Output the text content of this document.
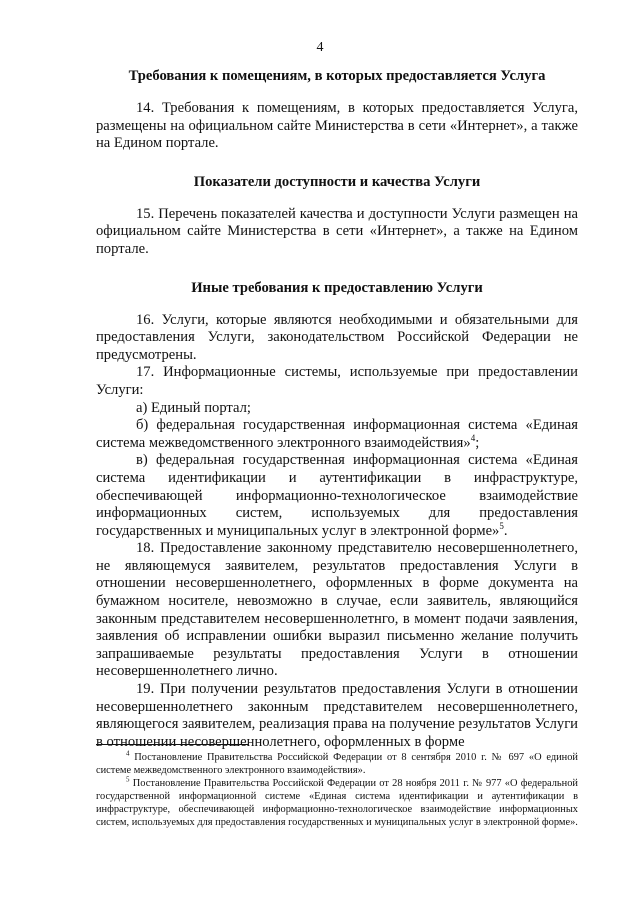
4
Требования к помещениям, в которых предоставляется Услуга

14. Требования к помещениям, в которых предоставляется Услуга, размещены на официальном сайте Министерства в сети «Интернет», а также на Едином портале.

Показатели доступности и качества Услуги

15. Перечень показателей качества и доступности Услуги размещен на официальном сайте Министерства в сети «Интернет», а также на Едином портале.

Иные требования к предоставлению Услуги

16. Услуги, которые являются необходимыми и обязательными для предоставления Услуги, законодательством Российской Федерации не предусмотрены.

17. Информационные системы, используемые при предоставлении Услуги:

а) Единый портал;

б) федеральная государственная информационная система «Единая система межведомственного электронного взаимодействия»$^4$;

в) федеральная государственная информационная система «Единая система идентификации и аутентификации в инфраструктуре, обеспечивающей информационно-технологическое взаимодействие информационных систем, используемых для предоставления государственных и муниципальных услуг в электронной форме»$^5$.

18. Предоставление законному представителю несовершеннолетнего, не являющемуся заявителем, результатов предоставления Услуги в отношении несовершеннолетнего, оформленных в форме документа на бумажном носителе, невозможно в случае, если заявитель, являющийся законным представителем несовершеннолетнго, в момент подачи заявления, заявления об исправлении ошибки выразил письменно желание получить запрашиваемые результаты предоставления Услуги в отношении несовершеннолетнего лично.

19. При получении результатов предоставления Услуги в отношении несовершеннолетнего законным представителем несовершеннолетнего, являющегося заявителем, реализация права на получение результатов Услуги в отношении несовершеннолетнего, оформленных в форме

$^4$ Постановление Правительства Российской Федерации от 8 сентября 2010 г. № 697 «О единой системе межведомственного электронного взаимодействия».

$^5$ Постановление Правительства Российской Федерации от 28 ноября 2011 г. № 977 «О федеральной государственной информационной системе «Единая система идентификации и аутентификации в инфраструктуре, обеспечивающей информационно-технологическое взаимодействие информационных систем, используемых для предоставления государственных и муниципальных услуг в электронной форме».
